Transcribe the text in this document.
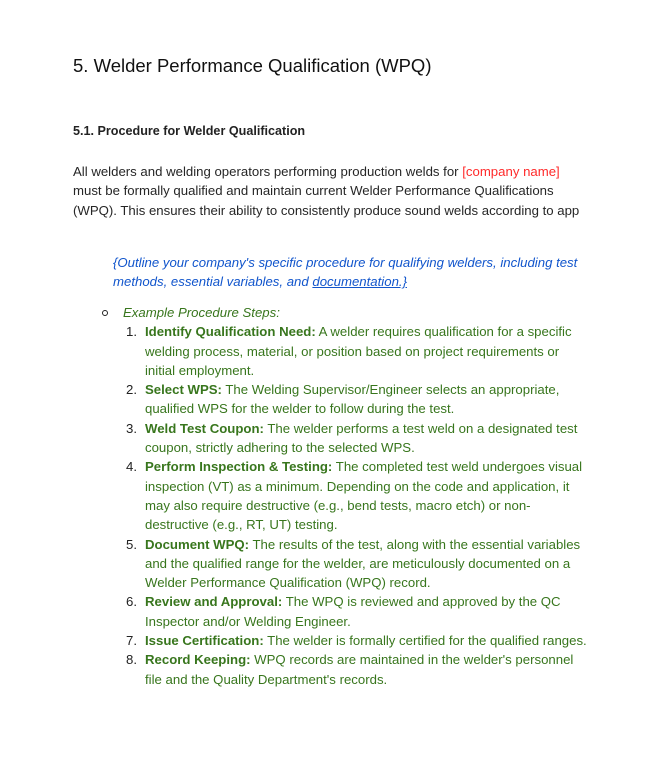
5. Welder Performance Qualification (WPQ)
5.1. Procedure for Welder Qualification

All welders and welding operators performing production welds for [company name] must be formally qualified and maintain current Welder Performance Qualifications (WPQ). This ensures their ability to consistently produce sound welds according to app

{Outline your company's specific procedure for qualifying welders, including test methods, essential variables, and documentation.}

Example Procedure Steps:
1. Identify Qualification Need: A welder requires qualification for a specific welding process, material, or position based on project requirements or initial employment.
2. Select WPS: The Welding Supervisor/Engineer selects an appropriate, qualified WPS for the welder to follow during the test.
3. Weld Test Coupon: The welder performs a test weld on a designated test coupon, strictly adhering to the selected WPS.
4. Perform Inspection & Testing: The completed test weld undergoes visual inspection (VT) as a minimum. Depending on the code and application, it may also require destructive (e.g., bend tests, macro etch) or non-destructive (e.g., RT, UT) testing.
5. Document WPQ: The results of the test, along with the essential variables and the qualified range for the welder, are meticulously documented on a Welder Performance Qualification (WPQ) record.
6. Review and Approval: The WPQ is reviewed and approved by the QC Inspector and/or Welding Engineer.
7. Issue Certification: The welder is formally certified for the qualified ranges.
8. Record Keeping: WPQ records are maintained in the welder's personnel file and the Quality Department's records.
